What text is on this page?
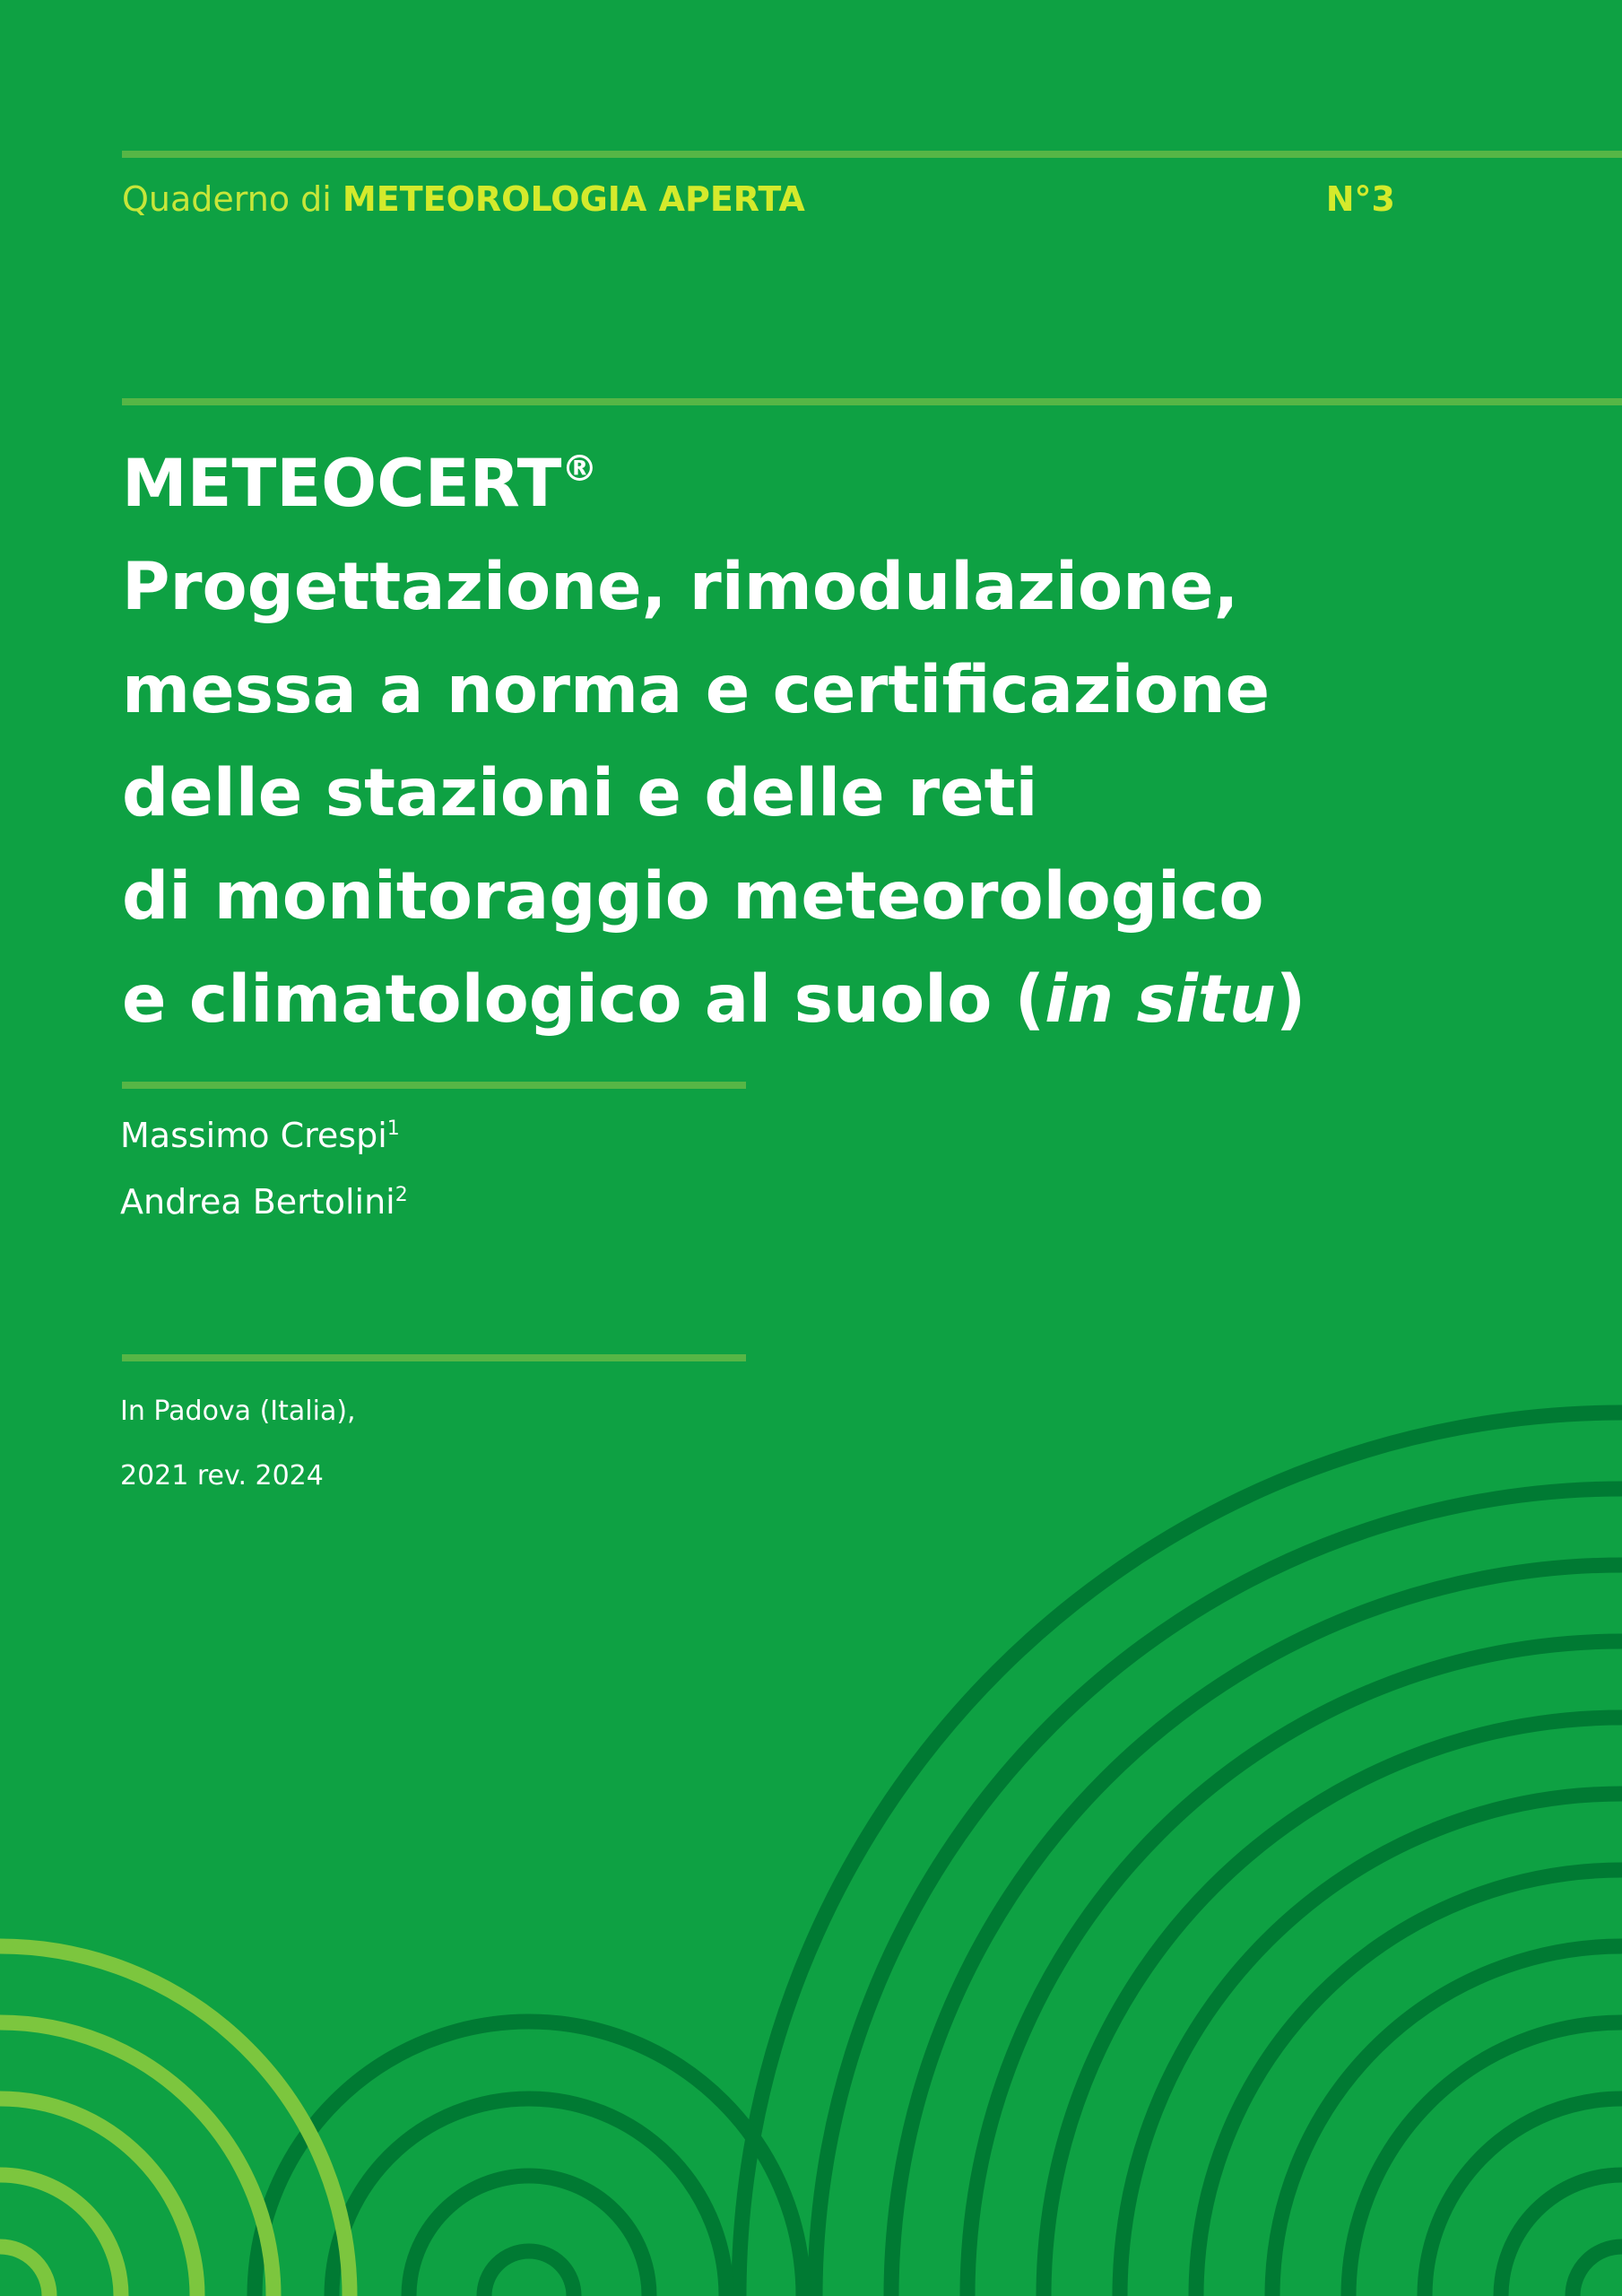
Quaderno di METEOROLOGIA APERTA	N°3
METEOCERT®
Progettazione, rimodulazione,
messa a norma e certificazione
delle stazioni e delle reti
di monitoraggio meteorologico
e climatologico al suolo (in situ)
Massimo Crespi$^1$
Andrea Bertolini$^2$
In Padova (Italia),
2021 rev. 2024
